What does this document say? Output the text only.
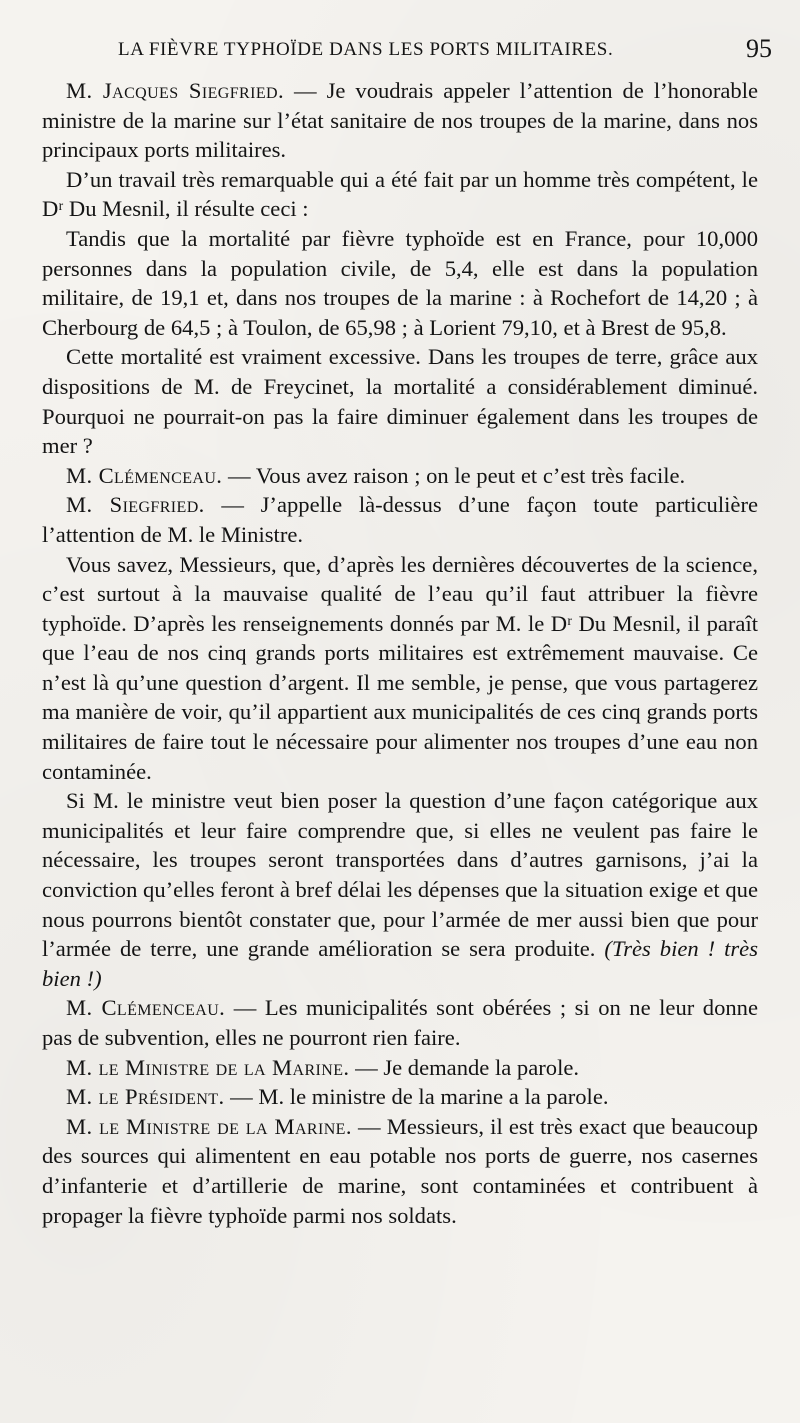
LA FIÈVRE TYPHOÏDE DANS LES PORTS MILITAIRES.	95

M. Jacques Siegfried. — Je voudrais appeler l’attention de l’honorable ministre de la marine sur l’état sanitaire de nos troupes de la marine, dans nos principaux ports militaires.

D’un travail très remarquable qui a été fait par un homme très compétent, le Dʳ Du Mesnil, il résulte ceci :

Tandis que la mortalité par fièvre typhoïde est en France, pour 10,000 personnes dans la population civile, de 5,4, elle est dans la population militaire, de 19,1 et, dans nos troupes de la marine : à Rochefort de 14,20 ; à Cherbourg de 64,5 ; à Toulon, de 65,98 ; à Lorient 79,10, et à Brest de 95,8.

Cette mortalité est vraiment excessive. Dans les troupes de terre, grâce aux dispositions de M. de Freycinet, la mortalité a considérablement diminué. Pourquoi ne pourrait-on pas la faire diminuer également dans les troupes de mer ?

M. Clémenceau. — Vous avez raison ; on le peut et c’est très facile.

M. Siegfried. — J’appelle là-dessus d’une façon toute particulière l’attention de M. le Ministre.

Vous savez, Messieurs, que, d’après les dernières découvertes de la science, c’est surtout à la mauvaise qualité de l’eau qu’il faut attribuer la fièvre typhoïde. D’après les renseignements donnés par M. le Dʳ Du Mesnil, il paraît que l’eau de nos cinq grands ports militaires est extrêmement mauvaise. Ce n’est là qu’une question d’argent. Il me semble, je pense, que vous partagerez ma manière de voir, qu’il appartient aux municipalités de ces cinq grands ports militaires de faire tout le nécessaire pour alimenter nos troupes d’une eau non contaminée.

Si M. le ministre veut bien poser la question d’une façon catégorique aux municipalités et leur faire comprendre que, si elles ne veulent pas faire le nécessaire, les troupes seront transportées dans d’autres garnisons, j’ai la conviction qu’elles feront à bref délai les dépenses que la situation exige et que nous pourrons bientôt constater que, pour l’armée de mer aussi bien que pour l’armée de terre, une grande amélioration se sera produite. (Très bien ! très bien !)

M. Clémenceau. — Les municipalités sont obérées ; si on ne leur donne pas de subvention, elles ne pourront rien faire.

M. le Ministre de la Marine. — Je demande la parole.

M. le Président. — M. le ministre de la marine a la parole.

M. le Ministre de la Marine. — Messieurs, il est très exact que beaucoup des sources qui alimentent en eau potable nos ports de guerre, nos casernes d’infanterie et d’artillerie de marine, sont contaminées et contribuent à propager la fièvre typhoïde parmi nos soldats.
